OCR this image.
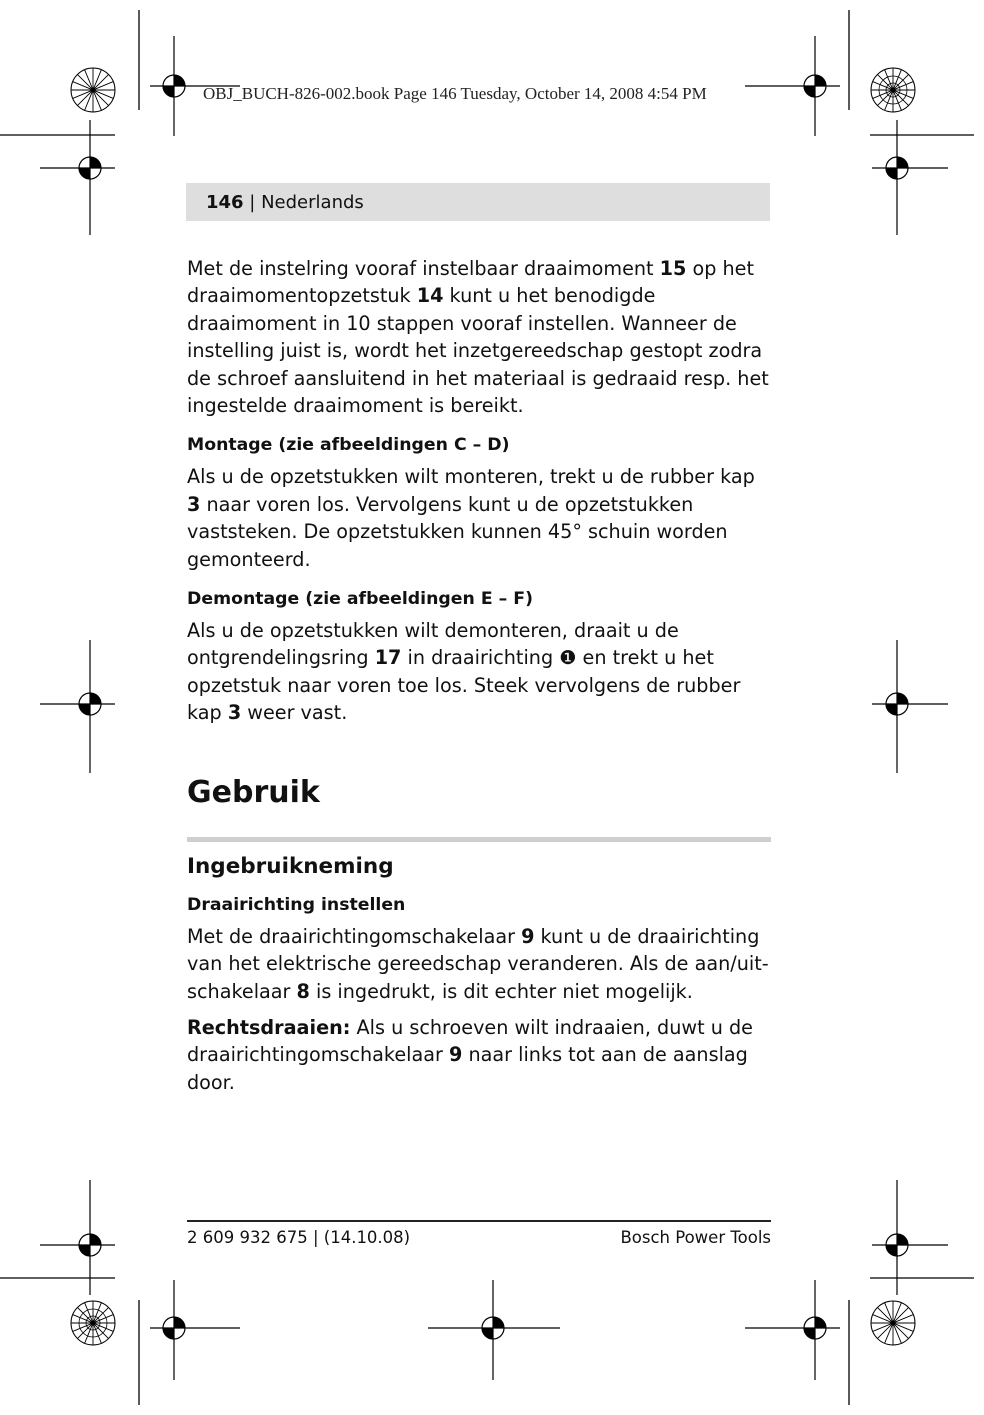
OBJ_BUCH-826-002.book Page 146 Tuesday, October 14, 2008 4:54 PM
146 | Nederlands

Met de instelring vooraf instelbaar draaimoment 15 op het draaimomentopzetstuk 14 kunt u het benodigde draaimoment in 10 stappen vooraf instellen. Wanneer de instelling juist is, wordt het inzetgereedschap gestopt zodra de schroef aansluitend in het materiaal is gedraaid resp. het ingestelde draaimoment is bereikt.

Montage (zie afbeeldingen C – D)

Als u de opzetstukken wilt monteren, trekt u de rubber kap 3 naar voren los. Vervolgens kunt u de opzetstukken vaststeken. De opzetstukken kunnen 45° schuin worden gemonteerd.

Demontage (zie afbeeldingen E – F)

Als u de opzetstukken wilt demonteren, draait u de ontgrendelingsring 17 in draairichting ❶ en trekt u het opzetstuk naar voren toe los. Steek vervolgens de rubber kap 3 weer vast.

Gebruik
Ingebruikneming
Draairichting instellen

Met de draairichtingomschakelaar 9 kunt u de draairichting van het elektrische gereedschap veranderen. Als de aan/uit-schakelaar 8 is ingedrukt, is dit echter niet mogelijk.

Rechtsdraaien: Als u schroeven wilt indraaien, duwt u de draairichtingomschakelaar 9 naar links tot aan de aanslag door.

2 609 932 675 | (14.10.08)	Bosch Power Tools
